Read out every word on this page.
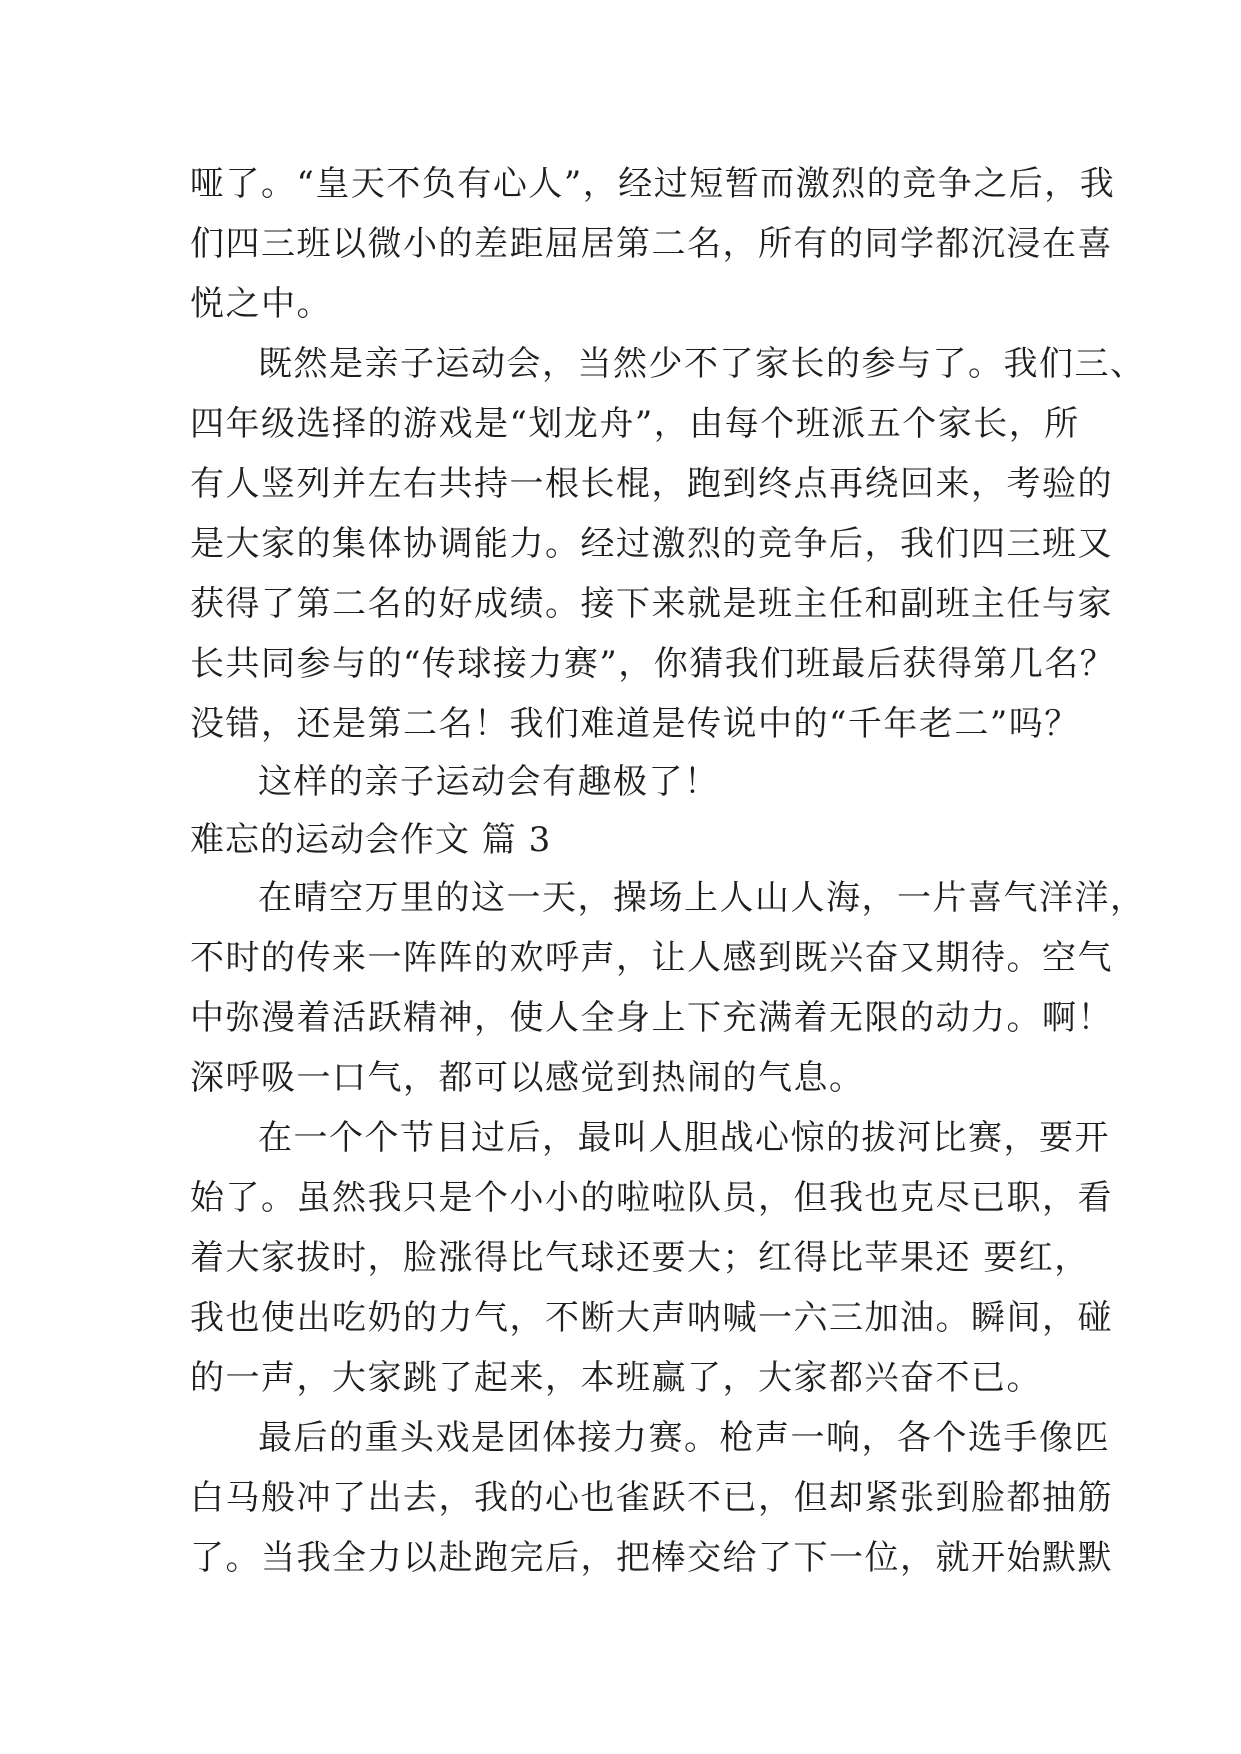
哑了。“皇天不负有心人”，经过短暂而激烈的竞争之后，我
们四三班以微小的差距屈居第二名，所有的同学都沉浸在喜
悦之中。
既然是亲子运动会，当然少不了家长的参与了。我们三、
四年级选择的游戏是“划龙舟”，由每个班派五个家长，所
有人竖列并左右共持一根长棍，跑到终点再绕回来，考验的
是大家的集体协调能力。经过激烈的竞争后，我们四三班又
获得了第二名的好成绩。接下来就是班主任和副班主任与家
长共同参与的“传球接力赛”，你猜我们班最后获得第几名？
没错，还是第二名！我们难道是传说中的“千年老二”吗？
这样的亲子运动会有趣极了！
难忘的运动会作文 篇 3
在晴空万里的这一天，操场上人山人海，一片喜气洋洋，
不时的传来一阵阵的欢呼声，让人感到既兴奋又期待。空气
中弥漫着活跃精神，使人全身上下充满着无限的动力。啊！
深呼吸一口气，都可以感觉到热闹的气息。
在一个个节目过后，最叫人胆战心惊的拔河比赛，要开
始了。虽然我只是个小小的啦啦队员，但我也克尽已职，看
着大家拔时，脸涨得比气球还要大；红得比苹果还 要红，
我也使出吃奶的力气，不断大声呐喊一六三加油。瞬间，碰
的一声，大家跳了起来，本班赢了，大家都兴奋不已。
最后的重头戏是团体接力赛。枪声一响，各个选手像匹
白马般冲了出去，我的心也雀跃不已，但却紧张到脸都抽筋
了。当我全力以赴跑完后，把棒交给了下一位，就开始默默
